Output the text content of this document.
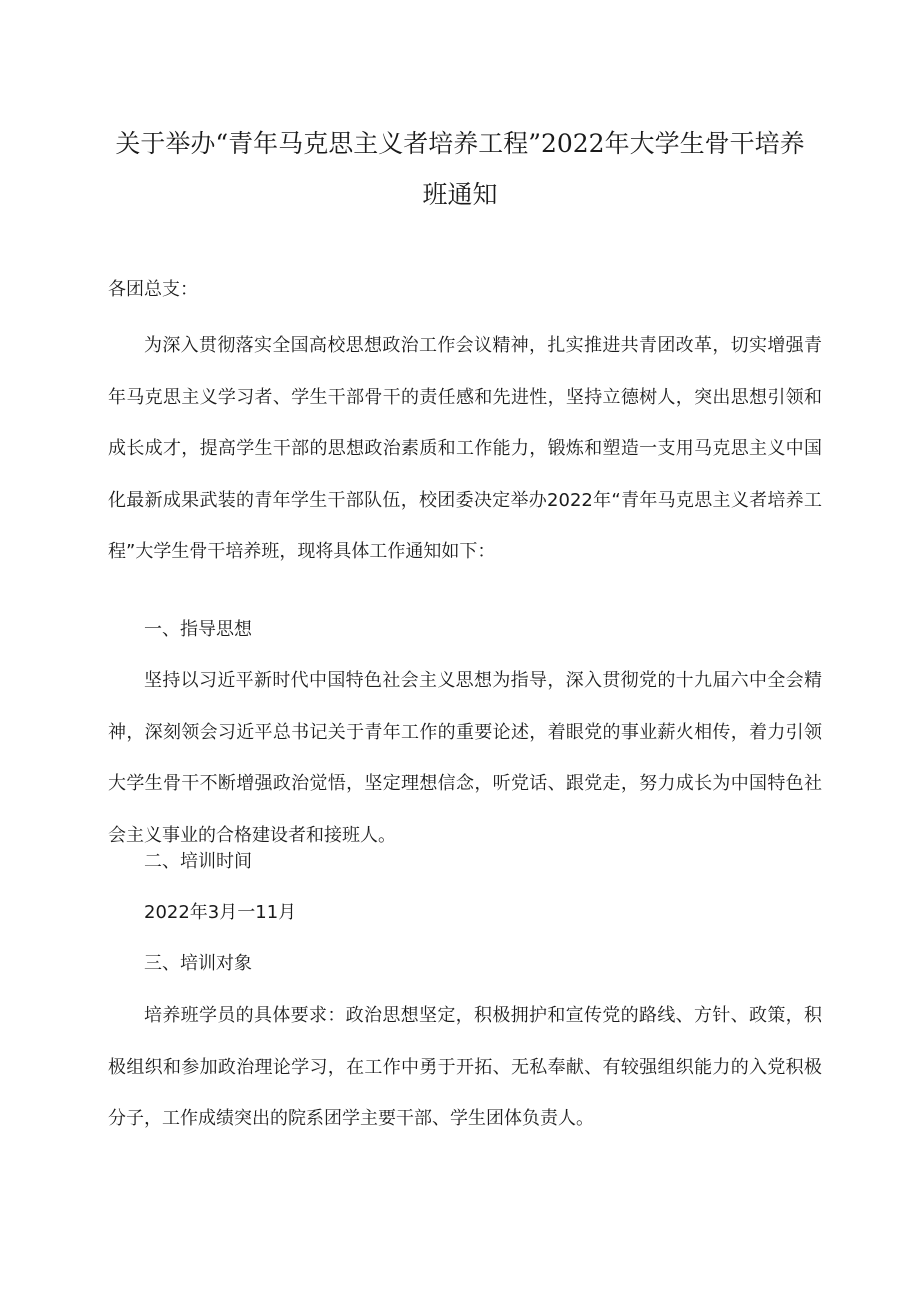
关于举办“青年马克思主义者培养工程”2022年大学生骨干培养
班通知

各团总支：

为深入贯彻落实全国高校思想政治工作会议精神，扎实推进共青团改革，切实增强青年马克思主义学习者、学生干部骨干的责任感和先进性，坚持立德树人，突出思想引领和成长成才，提高学生干部的思想政治素质和工作能力，锻炼和塑造一支用马克思主义中国化最新成果武装的青年学生干部队伍，校团委决定举办2022年“青年马克思主义者培养工程”大学生骨干培养班，现将具体工作通知如下：

一、指导思想

坚持以习近平新时代中国特色社会主义思想为指导，深入贯彻党的十九届六中全会精神，深刻领会习近平总书记关于青年工作的重要论述，着眼党的事业薪火相传，着力引领大学生骨干不断增强政治觉悟，坚定理想信念，听党话、跟党走，努力成长为中国特色社会主义事业的合格建设者和接班人。

二、培训时间

2022年3月一11月

三、培训对象

培养班学员的具体要求：政治思想坚定，积极拥护和宣传党的路线、方针、政策，积极组织和参加政治理论学习，在工作中勇于开拓、无私奉献、有较强组织能力的入党积极分子，工作成绩突出的院系团学主要干部、学生团体负责人。
